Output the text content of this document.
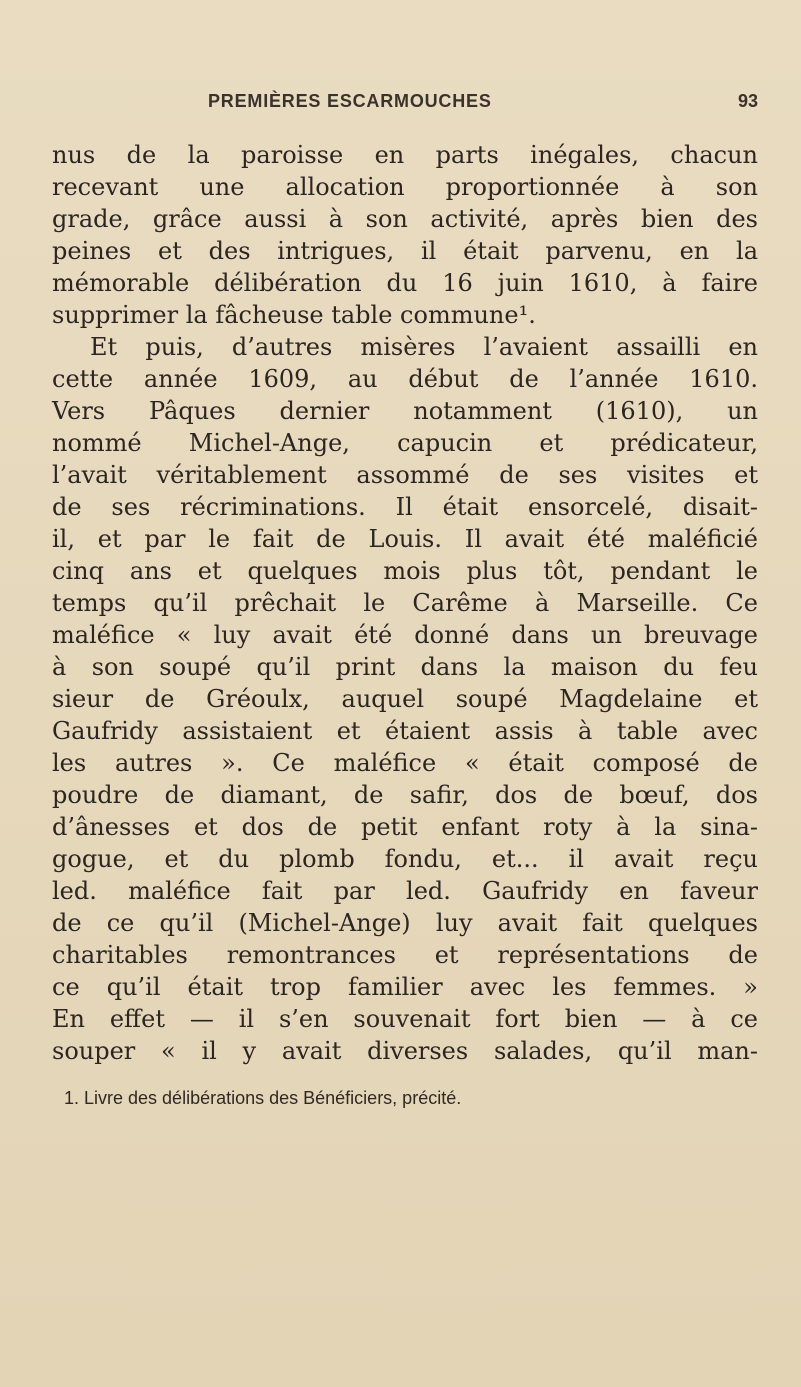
PREMIÈRES ESCARMOUCHES	93
nus de la paroisse en parts inégales, chacun
recevant une allocation proportionnée à son
grade, grâce aussi à son activité, après bien des
peines et des intrigues, il était parvenu, en la
mémorable délibération du 16 juin 1610, à faire
supprimer la fâcheuse table commune¹.
Et puis, d’autres misères l’avaient assailli en
cette année 1609, au début de l’année 1610.
Vers Pâques dernier notamment (1610), un
nommé Michel-Ange, capucin et prédicateur,
l’avait véritablement assommé de ses visites et
de ses récriminations. Il était ensorcelé, disait-
il, et par le fait de Louis. Il avait été maléficié
cinq ans et quelques mois plus tôt, pendant le
temps qu’il prêchait le Carême à Marseille. Ce
maléfice « luy avait été donné dans un breuvage
à son soupé qu’il print dans la maison du feu
sieur de Gréoulx, auquel soupé Magdelaine et
Gaufridy assistaient et étaient assis à table avec
les autres ». Ce maléfice « était composé de
poudre de diamant, de safir, dos de bœuf, dos
d’ânesses et dos de petit enfant roty à la sina-
gogue, et du plomb fondu, et... il avait reçu
led. maléfice fait par led. Gaufridy en faveur
de ce qu’il (Michel-Ange) luy avait fait quelques
charitables remontrances et représentations de
ce qu’il était trop familier avec les femmes. »
En effet — il s’en souvenait fort bien — à ce
souper « il y avait diverses salades, qu’il man-
1. Livre des délibérations des Bénéficiers, précité.
